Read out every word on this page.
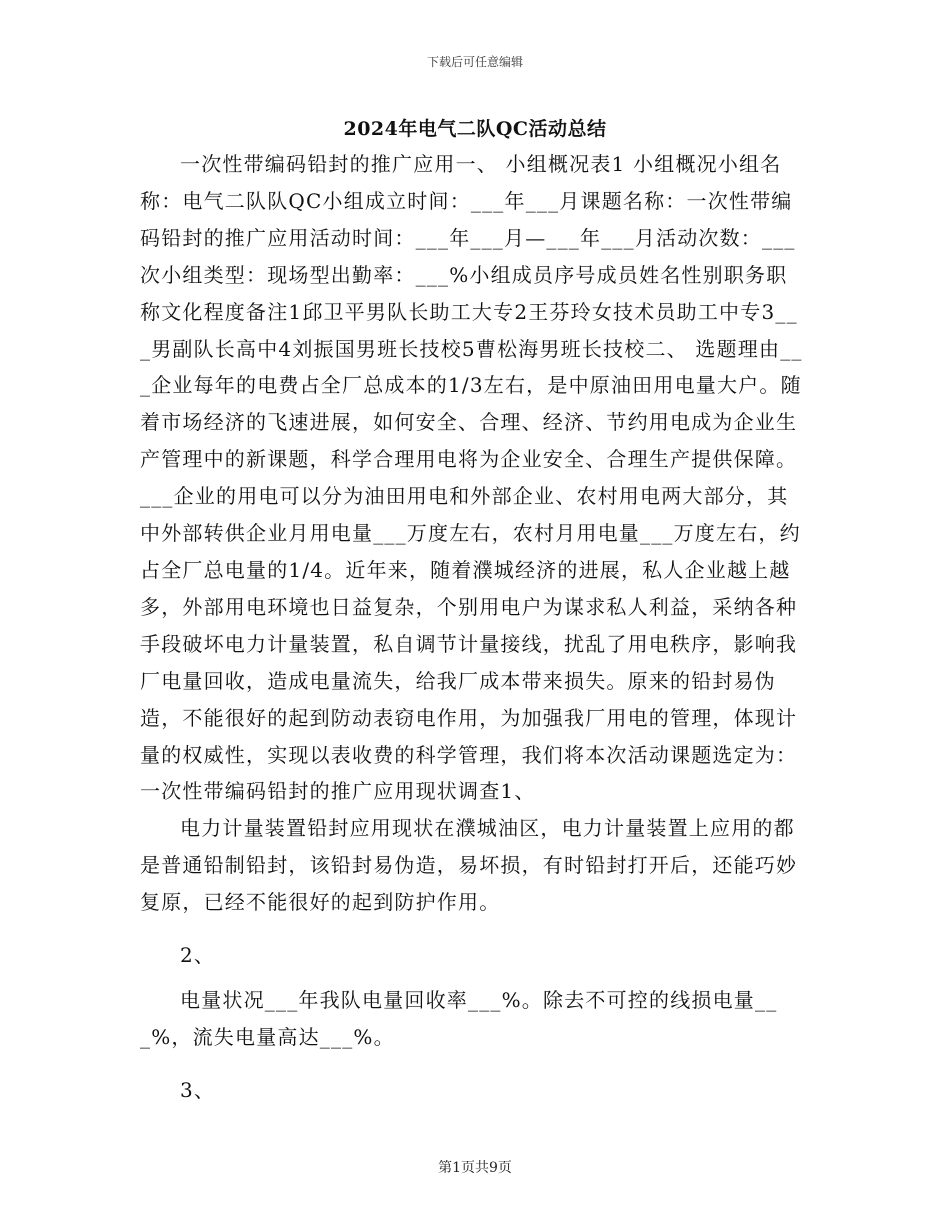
下载后可任意编辑
2024年电气二队QC活动总结

一次性带编码铅封的推广应用一、 小组概况表1 小组概况小组名称：电气二队队QC小组成立时间：___年___月课题名称：一次性带编码铅封的推广应用活动时间：___年___月—___年___月活动次数：___次小组类型：现场型出勤率：___%小组成员序号成员姓名性别职务职称文化程度备注1邱卫平男队长助工大专2王芬玲女技术员助工中专3___男副队长高中4刘振国男班长技校5曹松海男班长技校二、 选题理由___企业每年的电费占全厂总成本的1/3左右，是中原油田用电量大户。随着市场经济的飞速进展，如何安全、合理、经济、节约用电成为企业生产管理中的新课题，科学合理用电将为企业安全、合理生产提供保障。___企业的用电可以分为油田用电和外部企业、农村用电两大部分，其中外部转供企业月用电量___万度左右，农村月用电量___万度左右，约占全厂总电量的1/4。近年来，随着濮城经济的进展，私人企业越上越多，外部用电环境也日益复杂，个别用电户为谋求私人利益，采纳各种手段破坏电力计量装置，私自调节计量接线，扰乱了用电秩序，影响我厂电量回收，造成电量流失，给我厂成本带来损失。原来的铅封易伪造，不能很好的起到防动表窃电作用，为加强我厂用电的管理，体现计量的权威性，实现以表收费的科学管理，我们将本次活动课题选定为：一次性带编码铅封的推广应用现状调查1、

电力计量装置铅封应用现状在濮城油区，电力计量装置上应用的都是普通铅制铅封，该铅封易伪造，易坏损，有时铅封打开后，还能巧妙复原，已经不能很好的起到防护作用。

2、

电量状况___年我队电量回收率___%。除去不可控的线损电量___%，流失电量高达___%。

3、

第1页共9页
